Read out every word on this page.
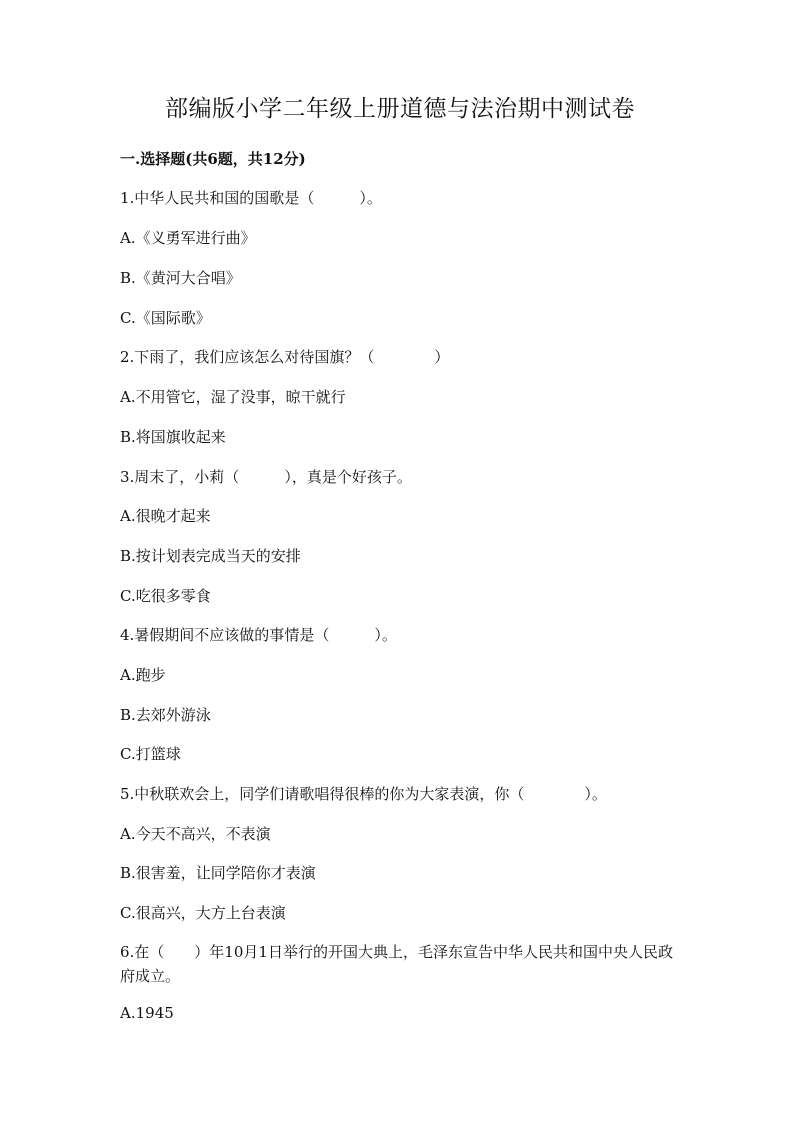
部编版小学二年级上册道德与法治期中测试卷
一.选择题(共6题，共12分)
1.中华人民共和国的国歌是（　　　）。
A.《义勇军进行曲》
B.《黄河大合唱》
C.《国际歌》
2.下雨了，我们应该怎么对待国旗？（　　　　）
A.不用管它，湿了没事，晾干就行
B.将国旗收起来
3.周末了，小莉（　　　），真是个好孩子。
A.很晚才起来
B.按计划表完成当天的安排
C.吃很多零食
4.暑假期间不应该做的事情是（　　　）。
A.跑步
B.去郊外游泳
C.打篮球
5.中秋联欢会上，同学们请歌唱得很棒的你为大家表演，你（　　　　）。
A.今天不高兴，不表演
B.很害羞，让同学陪你才表演
C.很高兴，大方上台表演
6.在（　　）年10月1日举行的开国大典上，毛泽东宣告中华人民共和国中央人民政府成立。
A.1945
